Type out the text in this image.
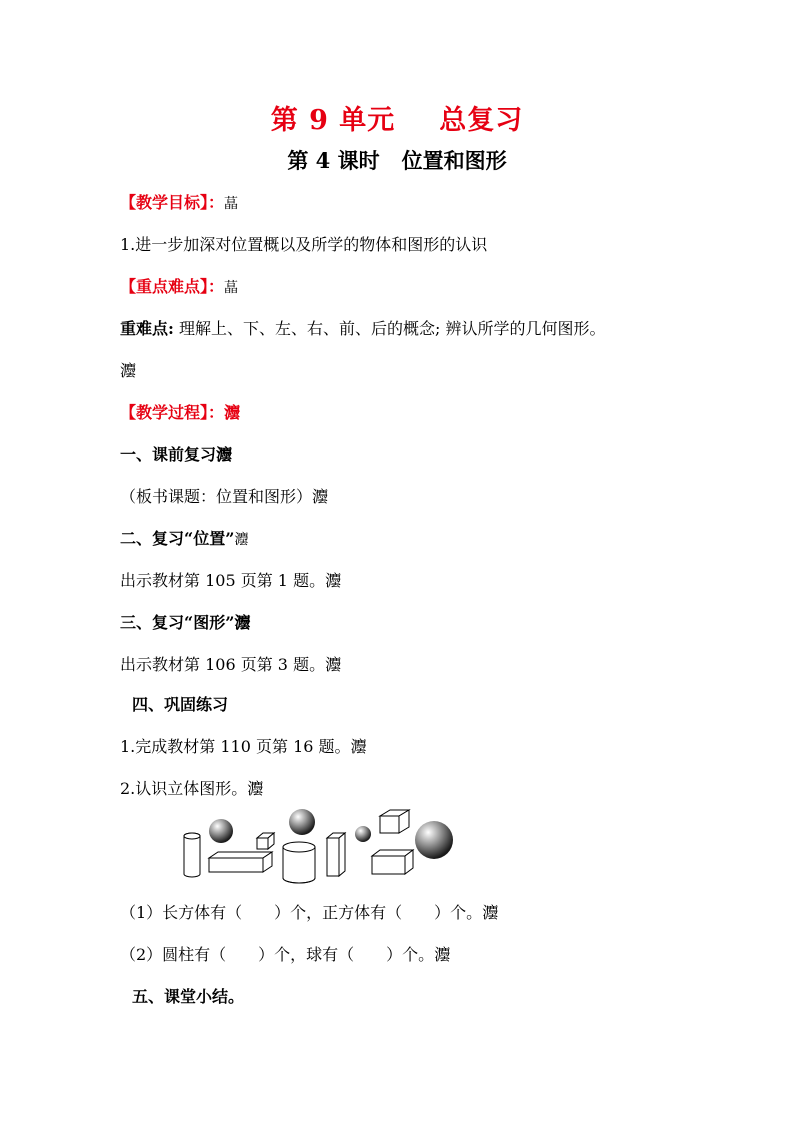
第 9 单元 总复习
第 4 课时 位置和图形
【教学目标】：蕌
1.进一步加深对位置概以及所学的物体和图形的认识
【重点难点】：蕌
重难点: 理解上、下、左、右、前、后的概念; 辨认所学的几何图形。
灋
【教学过程】：灋
一、课前复习灋
（板书课题：位置和图形）灋
二、复习“位置”灋
出示教材第 105 页第 1 题。灋
三、复习“图形”灋
出示教材第 106 页第 3 题。灋
四、巩固练习
1.完成教材第 110 页第 16 题。灋
2.认识立体图形。灋
（1）长方体有（　　）个，正方体有（　　）个。灋
（2）圆柱有（　　）个，球有（　　）个。灋
五、课堂小结。
